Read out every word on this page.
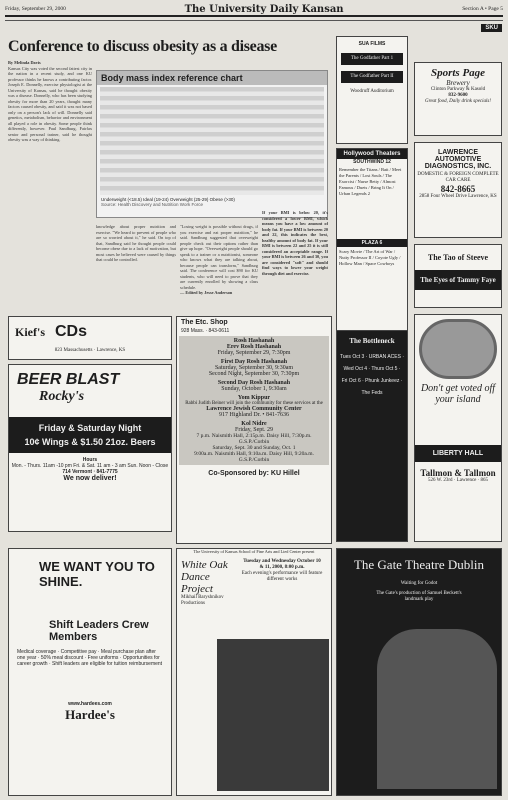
Friday, September 29, 2000	The University Daily Kansan	Section A • Page 5
Conference to discuss obesity as a disease
By Melinda Davis
Kansas City was voted the second fattest city in the nation in a recent study, and one KU professor thinks he knows a contributing factor. Joseph E. Donnelly, exercise physiologist at the University of Kansas, said he thought obesity was a disease. Donnelly, who has been studying obesity for more than 20 years, thought many factors caused obesity, and said it was not based only on a person's lack of will. Donnelly said genetics, metabolism, behavior and environment all played a role in obesity. Some people think differently, however. Paul Sandburg, Fairfax senior and personal trainer, said he thought obesity was a way of thinking.
Body mass index reference chart
Underweight (<18.5) Ideal (19-24) Overweight (25-29) Obese (>30)
Source: Health Discovery and Nutrition Work Force
If your BMI is below 20, it's considered a lower BMI, which means you have a low amount of body fat. If your BMI is between 20 and 22, this indicates the best, healthy amount of body fat. If your BMI is between 22 and 25 it is still considered an acceptable range. If your BMI is between 26 and 30, you are considered "soft" and should find ways to lower your weight through diet and exercise.
knowledge about proper nutrition and exercise. "We heard to prevent of people who are so worried about it," he said. On top of that, Sandburg said he thought people could become obese due to a lack of motivation, but most cases he believed were caused by things that could be controlled.
"Losing weight is possible without drugs, if you exercise and eat proper nutrition," he said. Sandburg suggested that overweight people check out their options rather than give up hope. "Overweight people should go speak to a trainer or a nutritionist, someone who knows what they are talking about, because people can transform," Sandburg said. The conference will cost $90 for KU students, who will need to prove that they are currently enrolled by showing a class schedule.
— Edited by Jesse Anderson
SUA FILMS
The Godfather Part 1
The Godfather Part II
Woodruff Auditorium
Hollywood Theaters
SOUTHWIND 12
Remember the Titans / Bait / Meet the Parents / Lost Souls / The Exorcist / Nurse Betty / Almost Famous / Duets / Bring It On / Urban Legends 2
PLAZA 6
Scary Movie / The Art of War / Nutty Professor II / Coyote Ugly / Hollow Man / Space Cowboys
SKU
Sports Page
Brewery
Clinton Parkway & Kasold
832-9600
Great food, Daily drink specials!
LAWRENCE AUTOMOTIVE DIAGNOSTICS, INC.
DOMESTIC & FOREIGN COMPLETE CAR CARE
842-8665
2858 Four Wheel Drive Lawrence, KS
The Tao of Steeve
The Eyes of Tammy Faye
Kief's CDs
823 Massachusetts · Lawrence, KS
BEER BLAST
Rocky's
Friday & Saturday Night
10¢ Wings & $1.50 21oz. Beers
Hours
Mon. - Thurs. 11am -10 pm Fri. & Sat. 11 am - 3 am Sun. Noon - Close
714 Vermont · 841-7775
We now deliver!
The Etc. Shop
928 Mass. · 843-0611
Rosh Hashanah
Erev Rosh Hashanah
Friday, September 29, 7:30pm
First Day Rosh Hashanah
Saturday, September 30, 9:30am
Second Night, September 30, 7:30pm
Second Day Rosh Hashanah
Sunday, October 1, 9:30am
Yom Kippur
Rabbi Judith Beiner will join the community for these services at the
Lawrence Jewish Community Center
917 Highland Dr. • 841-7636
Kol Nidre
Friday, Sept. 29
7 p.m. Naismith Hall, 2:15p.m. Daisy Hill, 7:30p.m. G.S.P./Corbin
Saturday, Sept. 30 and Sunday, Oct. 1
9:00a.m. Naismith Hall, 9:10a.m. Daisy Hill, 9:20a.m. G.S.P./Corbin
Co-Sponsored by: KU Hillel
The Bottleneck
Tues Oct 3 · URBAN ACES · Wed Oct 4 · Thurs Oct 5 · Fri Oct 6 · Phunk Junkeez · The Feds	Don't get voted off
your island
LIBERTY HALL
Tallmon & Tallmon
526 W. 23rd · Lawrence · 865
WE WANT YOU TO SHINE.
Shift Leaders Crew Members
Medical coverage · Competitive pay · Meal purchase plan after one year · 50% meal discount · Free uniforms · Opportunities for career growth · Shift leaders are eligible for tuition reimbursement
www.hardees.com
Hardee's
The University of Kansas School of Fine Arts and Lied Center present
White Oak Dance Project
Mikhail Baryshnikov Productions
Tuesday and Wednesday October 10 & 11, 2000, 8:00 p.m.
Each evening's performance will feature different works
The Gate Theatre Dublin
Waiting for Godot
The Gate's production of Samuel Beckett's landmark play
